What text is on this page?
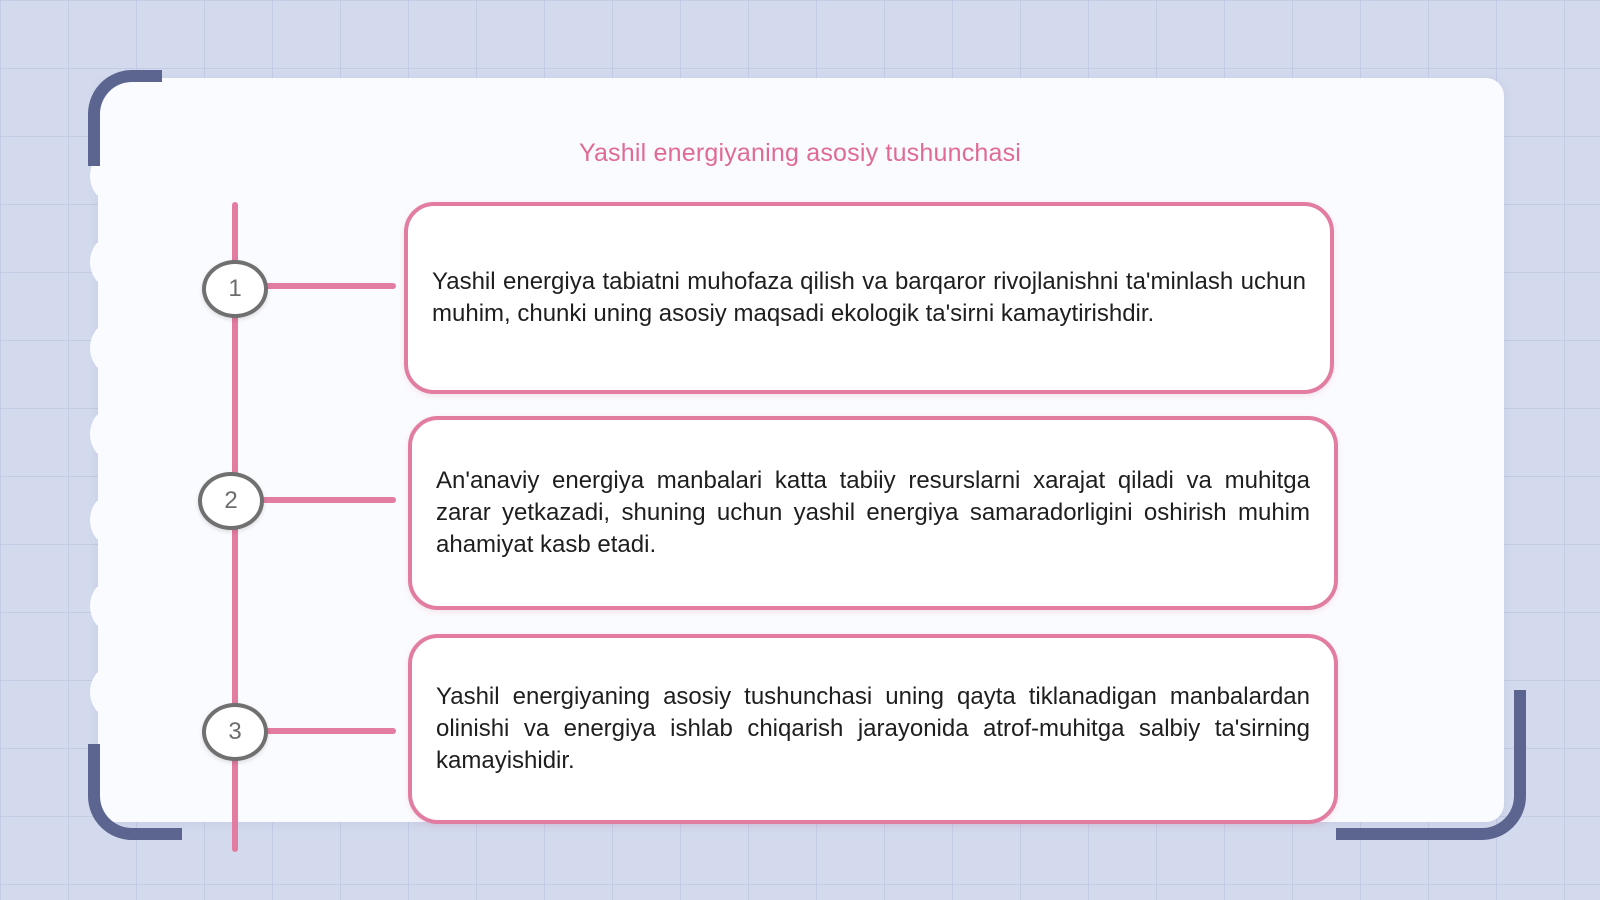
Yashil energiyaning asosiy tushunchasi
1	Yashil energiya tabiatni muhofaza qilish va barqaror rivojlanishni ta'minlash uchun muhim, chunki uning asosiy maqsadi ekologik ta'sirni kamaytirishdir.

2

An'anaviy energiya manbalari katta tabiiy resurslarni xarajat qiladi va muhitga zarar yetkazadi, shuning uchun yashil energiya samaradorligini oshirish muhim ahamiyat kasb etadi.

3

Yashil energiyaning asosiy tushunchasi uning qayta tiklanadigan manbalardan olinishi va energiya ishlab chiqarish jarayonida atrof-muhitga salbiy ta'sirning kamayishidir.
